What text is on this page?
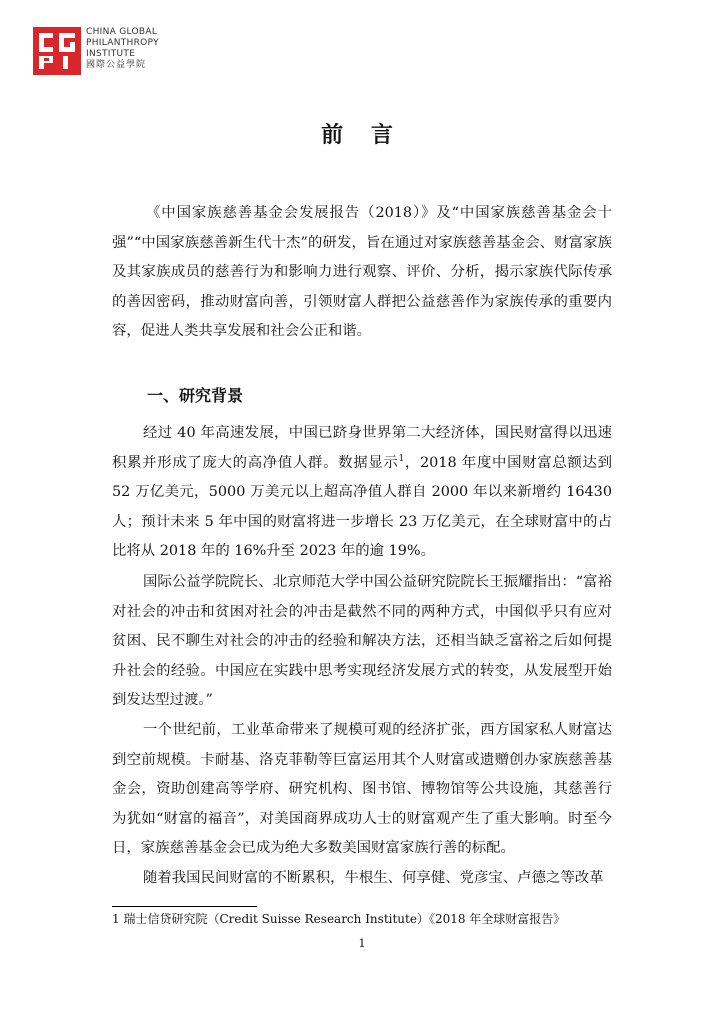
CHINA GLOBAL
PHILANTHROPY
INSTITUTE
國際公益學院
前 言

《中国家族慈善基金会发展报告（2018）》及“中国家族慈善基金会十强”“中国家族慈善新生代十杰”的研发，旨在通过对家族慈善基金会、财富家族及其家族成员的慈善行为和影响力进行观察、评价、分析，揭示家族代际传承的善因密码，推动财富向善，引领财富人群把公益慈善作为家族传承的重要内容，促进人类共享发展和社会公正和谐。

一、研究背景

经过 40 年高速发展，中国已跻身世界第二大经济体，国民财富得以迅速积累并形成了庞大的高净值人群。数据显示$^1$，2018 年度中国财富总额达到 52 万亿美元，5000 万美元以上超高净值人群自 2000 年以来新增约 16430 人；预计未来 5 年中国的财富将进一步增长 23 万亿美元，在全球财富中的占比将从 2018 年的 16%升至 2023 年的逾 19%。

国际公益学院院长、北京师范大学中国公益研究院院长王振耀指出：“富裕对社会的冲击和贫困对社会的冲击是截然不同的两种方式，中国似乎只有应对贫困、民不聊生对社会的冲击的经验和解决方法，还相当缺乏富裕之后如何提升社会的经验。中国应在实践中思考实现经济发展方式的转变，从发展型开始到发达型过渡。”

一个世纪前，工业革命带来了规模可观的经济扩张，西方国家私人财富达到空前规模。卡耐基、洛克菲勒等巨富运用其个人财富或遗赠创办家族慈善基金会，资助创建高等学府、研究机构、图书馆、博物馆等公共设施，其慈善行为犹如“财富的福音”，对美国商界成功人士的财富观产生了重大影响。时至今日，家族慈善基金会已成为绝大多数美国财富家族行善的标配。

随着我国民间财富的不断累积，牛根生、何享健、党彦宝、卢德之等改革

1 瑞士信贷研究院（Credit Suisse Research Institute）《2018 年全球财富报告》
1
